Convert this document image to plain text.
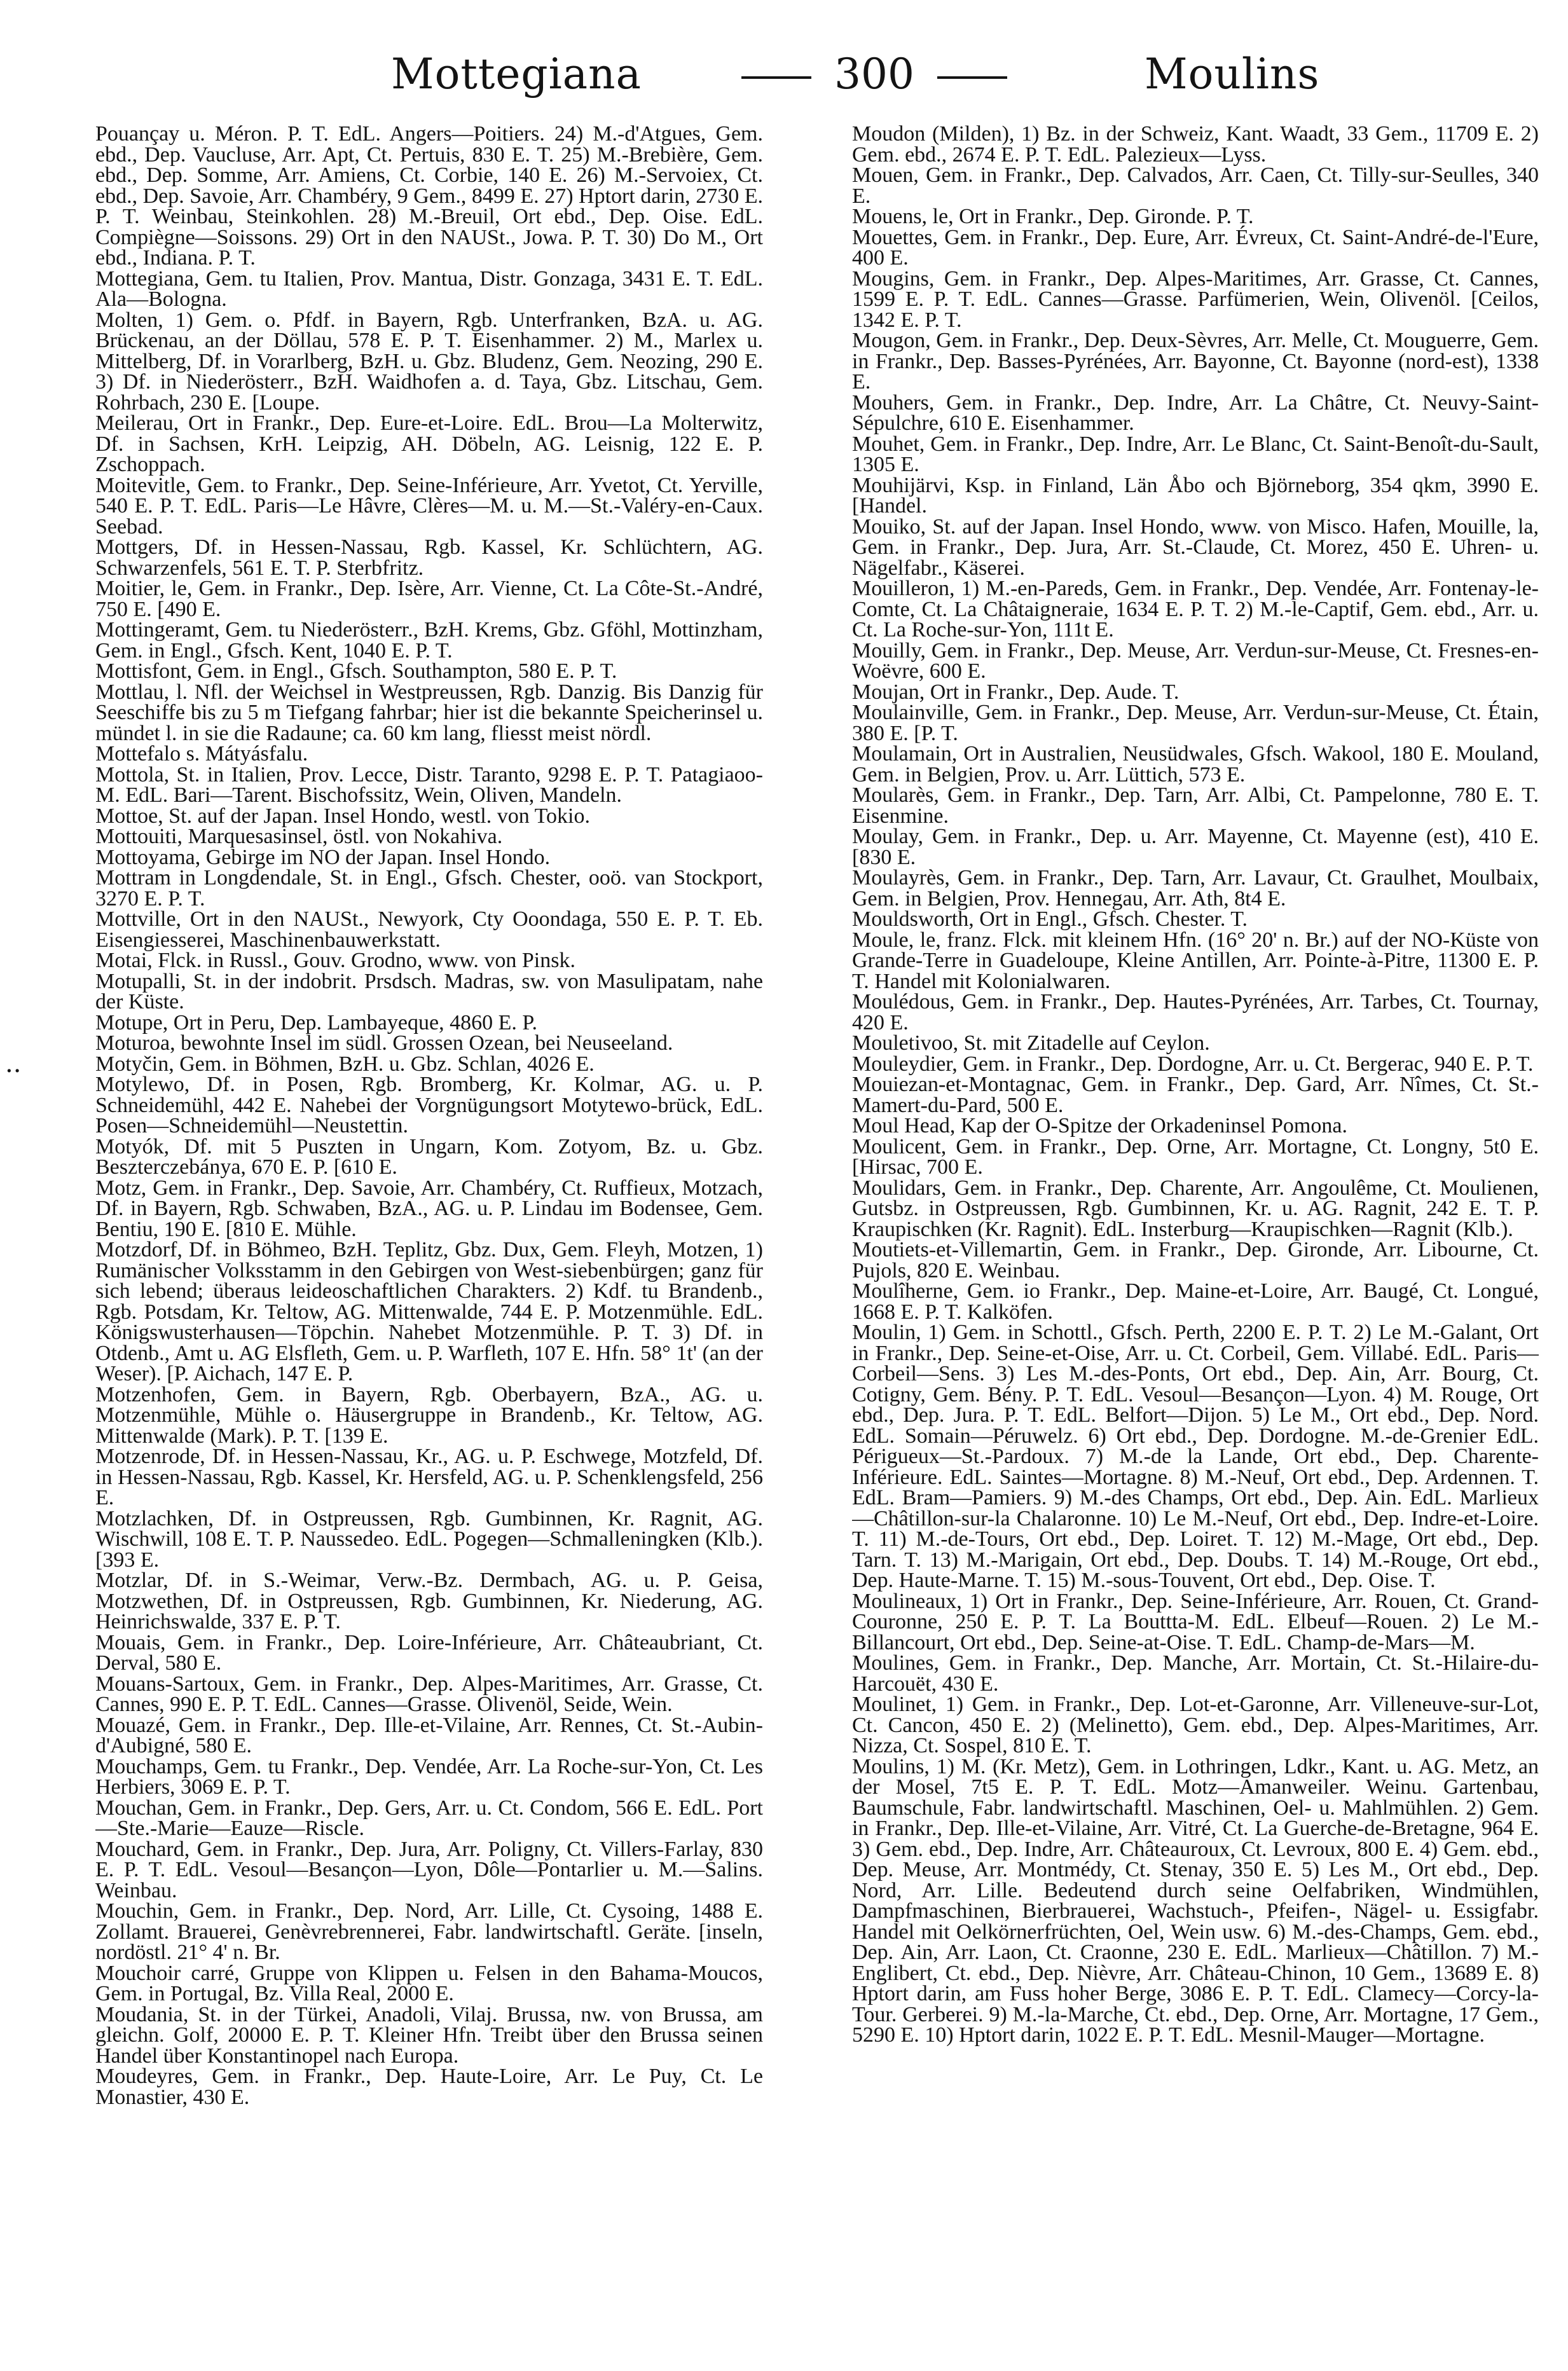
Mottegiana	300	Moulins
..

Pouançay u. Méron. P. T. EdL. Angers—Poitiers. 24) M.-d'Atgues, Gem. ebd., Dep. Vaucluse, Arr. Apt, Ct. Pertuis, 830 E. T. 25) M.-Brebière, Gem. ebd., Dep. Somme, Arr. Amiens, Ct. Corbie, 140 E. 26) M.-Servoiex, Ct. ebd., Dep. Savoie, Arr. Chambéry, 9 Gem., 8499 E. 27) Hptort darin, 2730 E. P. T. Weinbau, Steinkohlen. 28) M.-Breuil, Ort ebd., Dep. Oise. EdL. Compiègne—Soissons. 29) Ort in den NAUSt., Jowa. P. T. 30) Do M., Ort ebd., Indiana. P. T.

Mottegiana, Gem. tu Italien, Prov. Mantua, Distr. Gonzaga, 3431 E. T. EdL. Ala—Bologna.

Molten, 1) Gem. o. Pfdf. in Bayern, Rgb. Unterfranken, BzA. u. AG. Brückenau, an der Döllau, 578 E. P. T. Eisenhammer. 2) M., Marlex u. Mittelberg, Df. in Vorarlberg, BzH. u. Gbz. Bludenz, Gem. Neozing, 290 E. 3) Df. in Niederösterr., BzH. Waidhofen a. d. Taya, Gbz. Litschau, Gem. Rohrbach, 230 E. [Loupe.

Meilerau, Ort in Frankr., Dep. Eure-et-Loire. EdL. Brou—La Molterwitz, Df. in Sachsen, KrH. Leipzig, AH. Döbeln, AG. Leisnig, 122 E. P. Zschoppach.

Moitevitle, Gem. to Frankr., Dep. Seine-Inférieure, Arr. Yvetot, Ct. Yerville, 540 E. P. T. EdL. Paris—Le Hâvre, Clères—M. u. M.—St.-Valéry-en-Caux. Seebad.

Mottgers, Df. in Hessen-Nassau, Rgb. Kassel, Kr. Schlüchtern, AG. Schwarzenfels, 561 E. T. P. Sterbfritz.

Moitier, le, Gem. in Frankr., Dep. Isère, Arr. Vienne, Ct. La Côte-St.-André, 750 E. [490 E.

Mottingeramt, Gem. tu Niederösterr., BzH. Krems, Gbz. Gföhl, Mottinzham, Gem. in Engl., Gfsch. Kent, 1040 E. P. T.

Mottisfont, Gem. in Engl., Gfsch. Southampton, 580 E. P. T.

Mottlau, l. Nfl. der Weichsel in Westpreussen, Rgb. Danzig. Bis Danzig für Seeschiffe bis zu 5 m Tiefgang fahrbar; hier ist die bekannte Speicherinsel u. mündet l. in sie die Radaune; ca. 60 km lang, fliesst meist nördl.

Mottefalo s. Mátyásfalu.

Mottola, St. in Italien, Prov. Lecce, Distr. Taranto, 9298 E. P. T. Patagiaoo-M. EdL. Bari—Tarent. Bischofssitz, Wein, Oliven, Mandeln.

Mottoe, St. auf der Japan. Insel Hondo, westl. von Tokio.

Mottouiti, Marquesasinsel, östl. von Nokahiva.

Mottoyama, Gebirge im NO der Japan. Insel Hondo.

Mottram in Longdendale, St. in Engl., Gfsch. Chester, ooö. van Stockport, 3270 E. P. T.

Mottville, Ort in den NAUSt., Newyork, Cty Ooondaga, 550 E. P. T. Eb. Eisengiesserei, Maschinenbauwerkstatt.

Motai, Flck. in Russl., Gouv. Grodno, www. von Pinsk.

Motupalli, St. in der indobrit. Prsdsch. Madras, sw. von Masulipatam, nahe der Küste.

Motupe, Ort in Peru, Dep. Lambayeque, 4860 E. P.

Moturoa, bewohnte Insel im südl. Grossen Ozean, bei Neuseeland.

Motyčin, Gem. in Böhmen, BzH. u. Gbz. Schlan, 4026 E.

Motylewo, Df. in Posen, Rgb. Bromberg, Kr. Kolmar, AG. u. P. Schneidemühl, 442 E. Nahebei der Vorgnügungsort Motytewo-brück, EdL. Posen—Schneidemühl—Neustettin.

Motyók, Df. mit 5 Puszten in Ungarn, Kom. Zotyom, Bz. u. Gbz. Beszterczebánya, 670 E. P. [610 E.

Motz, Gem. in Frankr., Dep. Savoie, Arr. Chambéry, Ct. Ruffieux, Motzach, Df. in Bayern, Rgb. Schwaben, BzA., AG. u. P. Lindau im Bodensee, Gem. Bentiu, 190 E. [810 E. Mühle.

Motzdorf, Df. in Böhmeo, BzH. Teplitz, Gbz. Dux, Gem. Fleyh, Motzen, 1) Rumänischer Volksstamm in den Gebirgen von West-siebenbürgen; ganz für sich lebend; überaus leideoschaftlichen Charakters. 2) Kdf. tu Brandenb., Rgb. Potsdam, Kr. Teltow, AG. Mittenwalde, 744 E. P. Motzenmühle. EdL. Königswusterhausen—Töpchin. Nahebet Motzenmühle. P. T. 3) Df. in Otdenb., Amt u. AG Elsfleth, Gem. u. P. Warfleth, 107 E. Hfn. 58° 1t' (an der Weser). [P. Aichach, 147 E. P.

Motzenhofen, Gem. in Bayern, Rgb. Oberbayern, BzA., AG. u. Motzenmühle, Mühle o. Häusergruppe in Brandenb., Kr. Teltow, AG. Mittenwalde (Mark). P. T. [139 E.

Motzenrode, Df. in Hessen-Nassau, Kr., AG. u. P. Eschwege, Motzfeld, Df. in Hessen-Nassau, Rgb. Kassel, Kr. Hersfeld, AG. u. P. Schenklengsfeld, 256 E.

Motzlachken, Df. in Ostpreussen, Rgb. Gumbinnen, Kr. Ragnit, AG. Wischwill, 108 E. T. P. Naussedeo. EdL. Pogegen—Schmalleningken (Klb.). [393 E.

Motzlar, Df. in S.-Weimar, Verw.-Bz. Dermbach, AG. u. P. Geisa, Motzwethen, Df. in Ostpreussen, Rgb. Gumbinnen, Kr. Niederung, AG. Heinrichswalde, 337 E. P. T.

Mouais, Gem. in Frankr., Dep. Loire-Inférieure, Arr. Châteaubriant, Ct. Derval, 580 E.

Mouans-Sartoux, Gem. in Frankr., Dep. Alpes-Maritimes, Arr. Grasse, Ct. Cannes, 990 E. P. T. EdL. Cannes—Grasse. Olivenöl, Seide, Wein.

Mouazé, Gem. in Frankr., Dep. Ille-et-Vilaine, Arr. Rennes, Ct. St.-Aubin-d'Aubigné, 580 E.

Mouchamps, Gem. tu Frankr., Dep. Vendée, Arr. La Roche-sur-Yon, Ct. Les Herbiers, 3069 E. P. T.

Mouchan, Gem. in Frankr., Dep. Gers, Arr. u. Ct. Condom, 566 E. EdL. Port—Ste.-Marie—Eauze—Riscle.

Mouchard, Gem. in Frankr., Dep. Jura, Arr. Poligny, Ct. Villers-Farlay, 830 E. P. T. EdL. Vesoul—Besançon—Lyon, Dôle—Pontarlier u. M.—Salins. Weinbau.

Mouchin, Gem. in Frankr., Dep. Nord, Arr. Lille, Ct. Cysoing, 1488 E. Zollamt. Brauerei, Genèvrebrennerei, Fabr. landwirtschaftl. Geräte. [inseln, nordöstl. 21° 4' n. Br.

Mouchoir carré, Gruppe von Klippen u. Felsen in den Bahama-Moucos, Gem. in Portugal, Bz. Villa Real, 2000 E.

Moudania, St. in der Türkei, Anadoli, Vilaj. Brussa, nw. von Brussa, am gleichn. Golf, 20000 E. P. T. Kleiner Hfn. Treibt über den Brussa seinen Handel über Konstantinopel nach Europa.

Moudeyres, Gem. in Frankr., Dep. Haute-Loire, Arr. Le Puy, Ct. Le Monastier, 430 E.

Moudon (Milden), 1) Bz. in der Schweiz, Kant. Waadt, 33 Gem., 11709 E. 2) Gem. ebd., 2674 E. P. T. EdL. Palezieux—Lyss.

Mouen, Gem. in Frankr., Dep. Calvados, Arr. Caen, Ct. Tilly-sur-Seulles, 340 E.

Mouens, le, Ort in Frankr., Dep. Gironde. P. T.

Mouettes, Gem. in Frankr., Dep. Eure, Arr. Évreux, Ct. Saint-André-de-l'Eure, 400 E.

Mougins, Gem. in Frankr., Dep. Alpes-Maritimes, Arr. Grasse, Ct. Cannes, 1599 E. P. T. EdL. Cannes—Grasse. Parfümerien, Wein, Olivenöl. [Ceilos, 1342 E. P. T.

Mougon, Gem. in Frankr., Dep. Deux-Sèvres, Arr. Melle, Ct. Mouguerre, Gem. in Frankr., Dep. Basses-Pyrénées, Arr. Bayonne, Ct. Bayonne (nord-est), 1338 E.

Mouhers, Gem. in Frankr., Dep. Indre, Arr. La Châtre, Ct. Neuvy-Saint-Sépulchre, 610 E. Eisenhammer.

Mouhet, Gem. in Frankr., Dep. Indre, Arr. Le Blanc, Ct. Saint-Benoît-du-Sault, 1305 E.

Mouhijärvi, Ksp. in Finland, Län Åbo och Björneborg, 354 qkm, 3990 E. [Handel.

Mouiko, St. auf der Japan. Insel Hondo, www. von Misco. Hafen, Mouille, la, Gem. in Frankr., Dep. Jura, Arr. St.-Claude, Ct. Morez, 450 E. Uhren- u. Nägelfabr., Käserei.

Mouilleron, 1) M.-en-Pareds, Gem. in Frankr., Dep. Vendée, Arr. Fontenay-le-Comte, Ct. La Châtaigneraie, 1634 E. P. T. 2) M.-le-Captif, Gem. ebd., Arr. u. Ct. La Roche-sur-Yon, 111t E.

Mouilly, Gem. in Frankr., Dep. Meuse, Arr. Verdun-sur-Meuse, Ct. Fresnes-en-Woëvre, 600 E.

Moujan, Ort in Frankr., Dep. Aude. T.

Moulainville, Gem. in Frankr., Dep. Meuse, Arr. Verdun-sur-Meuse, Ct. Étain, 380 E. [P. T.

Moulamain, Ort in Australien, Neusüdwales, Gfsch. Wakool, 180 E. Mouland, Gem. in Belgien, Prov. u. Arr. Lüttich, 573 E.

Moularès, Gem. in Frankr., Dep. Tarn, Arr. Albi, Ct. Pampelonne, 780 E. T. Eisenmine.

Moulay, Gem. in Frankr., Dep. u. Arr. Mayenne, Ct. Mayenne (est), 410 E. [830 E.

Moulayrès, Gem. in Frankr., Dep. Tarn, Arr. Lavaur, Ct. Graulhet, Moulbaix, Gem. in Belgien, Prov. Hennegau, Arr. Ath, 8t4 E.

Mouldsworth, Ort in Engl., Gfsch. Chester. T.

Moule, le, franz. Flck. mit kleinem Hfn. (16° 20' n. Br.) auf der NO-Küste von Grande-Terre in Guadeloupe, Kleine Antillen, Arr. Pointe-à-Pitre, 11300 E. P. T. Handel mit Kolonialwaren.

Moulédous, Gem. in Frankr., Dep. Hautes-Pyrénées, Arr. Tarbes, Ct. Tournay, 420 E.

Mouletivoo, St. mit Zitadelle auf Ceylon.

Mouleydier, Gem. in Frankr., Dep. Dordogne, Arr. u. Ct. Bergerac, 940 E. P. T.

Mouiezan-et-Montagnac, Gem. in Frankr., Dep. Gard, Arr. Nîmes, Ct. St.-Mamert-du-Pard, 500 E.

Moul Head, Kap der O-Spitze der Orkadeninsel Pomona.

Moulicent, Gem. in Frankr., Dep. Orne, Arr. Mortagne, Ct. Longny, 5t0 E. [Hirsac, 700 E.

Moulidars, Gem. in Frankr., Dep. Charente, Arr. Angoulême, Ct. Moulienen, Gutsbz. in Ostpreussen, Rgb. Gumbinnen, Kr. u. AG. Ragnit, 242 E. T. P. Kraupischken (Kr. Ragnit). EdL. Insterburg—Kraupischken—Ragnit (Klb.).

Moutiets-et-Villemartin, Gem. in Frankr., Dep. Gironde, Arr. Libourne, Ct. Pujols, 820 E. Weinbau.

Moulîherne, Gem. io Frankr., Dep. Maine-et-Loire, Arr. Baugé, Ct. Longué, 1668 E. P. T. Kalköfen.

Moulin, 1) Gem. in Schottl., Gfsch. Perth, 2200 E. P. T. 2) Le M.-Galant, Ort in Frankr., Dep. Seine-et-Oise, Arr. u. Ct. Corbeil, Gem. Villabé. EdL. Paris—Corbeil—Sens. 3) Les M.-des-Ponts, Ort ebd., Dep. Ain, Arr. Bourg, Ct. Cotigny, Gem. Bény. P. T. EdL. Vesoul—Besançon—Lyon. 4) M. Rouge, Ort ebd., Dep. Jura. P. T. EdL. Belfort—Dijon. 5) Le M., Ort ebd., Dep. Nord. EdL. Somain—Péruwelz. 6) Ort ebd., Dep. Dordogne. M.-de-Grenier EdL. Périgueux—St.-Pardoux. 7) M.-de la Lande, Ort ebd., Dep. Charente-Inférieure. EdL. Saintes—Mortagne. 8) M.-Neuf, Ort ebd., Dep. Ardennen. T. EdL. Bram—Pamiers. 9) M.-des Champs, Ort ebd., Dep. Ain. EdL. Marlieux—Châtillon-sur-la Chalaronne. 10) Le M.-Neuf, Ort ebd., Dep. Indre-et-Loire. T. 11) M.-de-Tours, Ort ebd., Dep. Loiret. T. 12) M.-Mage, Ort ebd., Dep. Tarn. T. 13) M.-Marigain, Ort ebd., Dep. Doubs. T. 14) M.-Rouge, Ort ebd., Dep. Haute-Marne. T. 15) M.-sous-Touvent, Ort ebd., Dep. Oise. T.

Moulineaux, 1) Ort in Frankr., Dep. Seine-Inférieure, Arr. Rouen, Ct. Grand-Couronne, 250 E. P. T. La Bouttta-M. EdL. Elbeuf—Rouen. 2) Le M.-Billancourt, Ort ebd., Dep. Seine-at-Oise. T. EdL. Champ-de-Mars—M.

Moulines, Gem. in Frankr., Dep. Manche, Arr. Mortain, Ct. St.-Hilaire-du-Harcouët, 430 E.

Moulinet, 1) Gem. in Frankr., Dep. Lot-et-Garonne, Arr. Villeneuve-sur-Lot, Ct. Cancon, 450 E. 2) (Melinetto), Gem. ebd., Dep. Alpes-Maritimes, Arr. Nizza, Ct. Sospel, 810 E. T.

Moulins, 1) M. (Kr. Metz), Gem. in Lothringen, Ldkr., Kant. u. AG. Metz, an der Mosel, 7t5 E. P. T. EdL. Motz—Amanweiler. Weinu. Gartenbau, Baumschule, Fabr. landwirtschaftl. Maschinen, Oel- u. Mahlmühlen. 2) Gem. in Frankr., Dep. Ille-et-Vilaine, Arr. Vitré, Ct. La Guerche-de-Bretagne, 964 E. 3) Gem. ebd., Dep. Indre, Arr. Châteauroux, Ct. Levroux, 800 E. 4) Gem. ebd., Dep. Meuse, Arr. Montmédy, Ct. Stenay, 350 E. 5) Les M., Ort ebd., Dep. Nord, Arr. Lille. Bedeutend durch seine Oelfabriken, Windmühlen, Dampfmaschinen, Bierbrauerei, Wachstuch-, Pfeifen-, Nägel- u. Essigfabr. Handel mit Oelkörnerfrüchten, Oel, Wein usw. 6) M.-des-Champs, Gem. ebd., Dep. Ain, Arr. Laon, Ct. Craonne, 230 E. EdL. Marlieux—Châtillon. 7) M.-Englibert, Ct. ebd., Dep. Nièvre, Arr. Château-Chinon, 10 Gem., 13689 E. 8) Hptort darin, am Fuss hoher Berge, 3086 E. P. T. EdL. Clamecy—Corcy-la-Tour. Gerberei. 9) M.-la-Marche, Ct. ebd., Dep. Orne, Arr. Mortagne, 17 Gem., 5290 E. 10) Hptort darin, 1022 E. P. T. EdL. Mesnil-Mauger—Mortagne.
